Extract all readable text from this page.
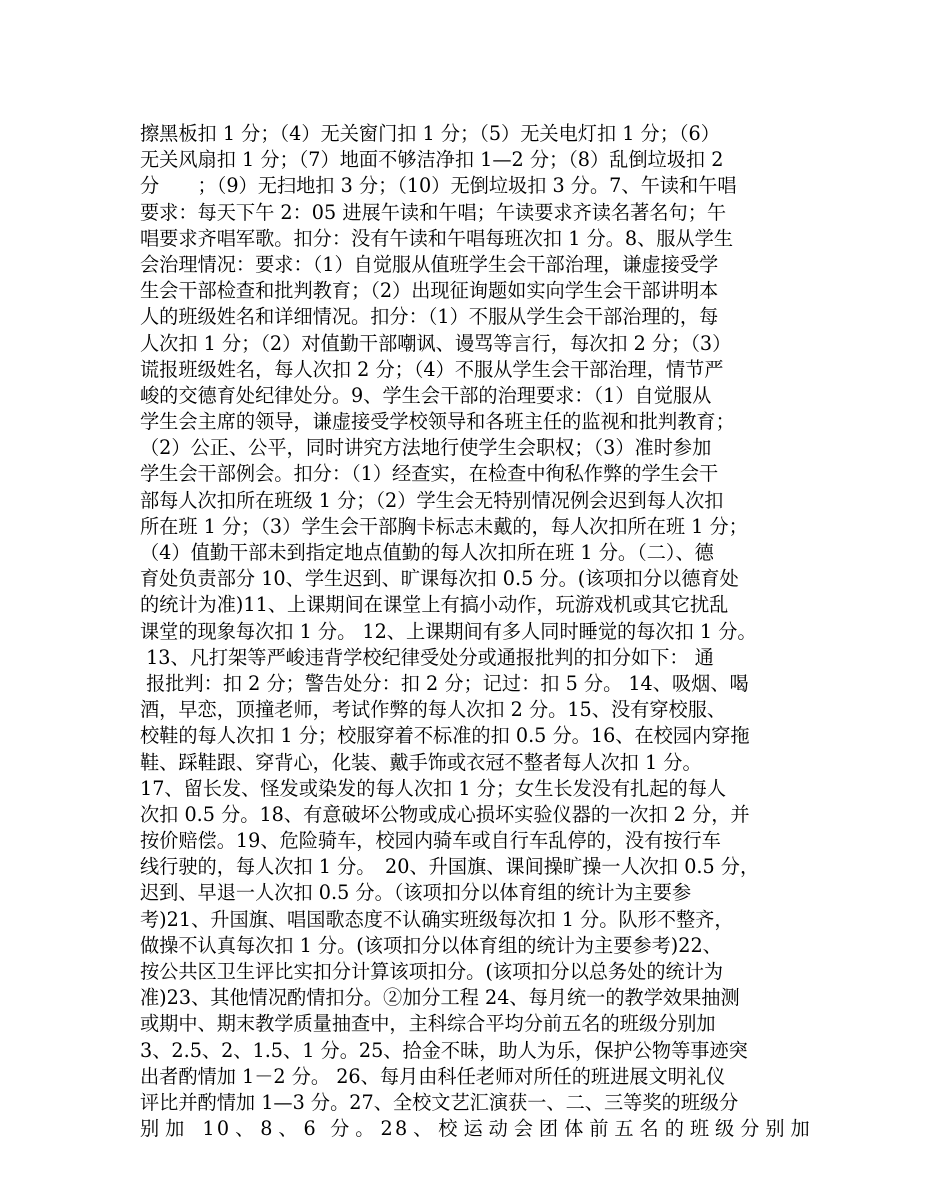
擦黑板扣 1 分；（4）无关窗门扣 1 分；（5）无关电灯扣 1 分；（6）
无关风扇扣 1 分；（7）地面不够洁净扣 1—2 分；（8）乱倒垃圾扣 2
分　　；（9）无扫地扣 3 分；（10）无倒垃圾扣 3 分。7、午读和午唱
要求：每天下午 2：05 进展午读和午唱；午读要求齐读名著名句；午
唱要求齐唱军歌。扣分：没有午读和午唱每班次扣 1 分。8、服从学生
会治理情况：要求：（1）自觉服从值班学生会干部治理，谦虚接受学
生会干部检查和批判教育；（2）出现征询题如实向学生会干部讲明本
人的班级姓名和详细情况。扣分：（1）不服从学生会干部治理的，每
人次扣 1 分；（2）对值勤干部嘲讽、谩骂等言行，每次扣 2 分；（3）
谎报班级姓名，每人次扣 2 分；（4）不服从学生会干部治理，情节严
峻的交德育处纪律处分。9、学生会干部的治理要求：（1）自觉服从
学生会主席的领导，谦虚接受学校领导和各班主任的监视和批判教育；
（2）公正、公平，同时讲究方法地行使学生会职权；（3）准时参加
学生会干部例会。扣分：（1）经查实，在检查中徇私作弊的学生会干
部每人次扣所在班级 1 分；（2）学生会无特别情况例会迟到每人次扣
所在班 1 分；（3）学生会干部胸卡标志未戴的，每人次扣所在班 1 分；
（4）值勤干部未到指定地点值勤的每人次扣所在班 1 分。（二）、德
育处负责部分 10、学生迟到、旷课每次扣 0.5 分。(该项扣分以德育处
的统计为准)11、上课期间在课堂上有搞小动作，玩游戏机或其它扰乱
课堂的现象每次扣 1 分。 12、上课期间有多人同时睡觉的每次扣 1 分。
13、凡打架等严峻违背学校纪律受处分或通报批判的扣分如下： 通
报批判：扣 2 分；警告处分：扣 2 分；记过：扣 5 分。 14、吸烟、喝
酒，早恋，顶撞老师，考试作弊的每人次扣 2 分。15、没有穿校服、
校鞋的每人次扣 1 分；校服穿着不标准的扣 0.5 分。16、在校园内穿拖
鞋、踩鞋跟、穿背心，化装、戴手饰或衣冠不整者每人次扣 1 分。
17、留长发、怪发或染发的每人次扣 1 分；女生长发没有扎起的每人
次扣 0.5 分。18、有意破坏公物或成心损坏实验仪器的一次扣 2 分，并
按价赔偿。19、危险骑车，校园内骑车或自行车乱停的，没有按行车
线行驶的，每人次扣 1 分。　20、升国旗、课间操旷操一人次扣 0.5 分，
迟到、早退一人次扣 0.5 分。（该项扣分以体育组的统计为主要参
考)21、升国旗、唱国歌态度不认确实班级每次扣 1 分。队形不整齐，
做操不认真每次扣 1 分。(该项扣分以体育组的统计为主要参考)22、
按公共区卫生评比实扣分计算该项扣分。(该项扣分以总务处的统计为
准)23、其他情况酌情扣分。②加分工程 24、每月统一的教学效果抽测
或期中、期末教学质量抽查中，主科综合平均分前五名的班级分别加
3、2.5、2、1.5、1 分。25、拾金不昧，助人为乐，保护公物等事迹突
出者酌情加 1－2 分。 26、每月由科任老师对所任的班进展文明礼仪
评比并酌情加 1—3 分。27、全校文艺汇演获一、二、三等奖的班级分
别加 10、8、6 分。28、校运动会团体前五名的班级分别加
